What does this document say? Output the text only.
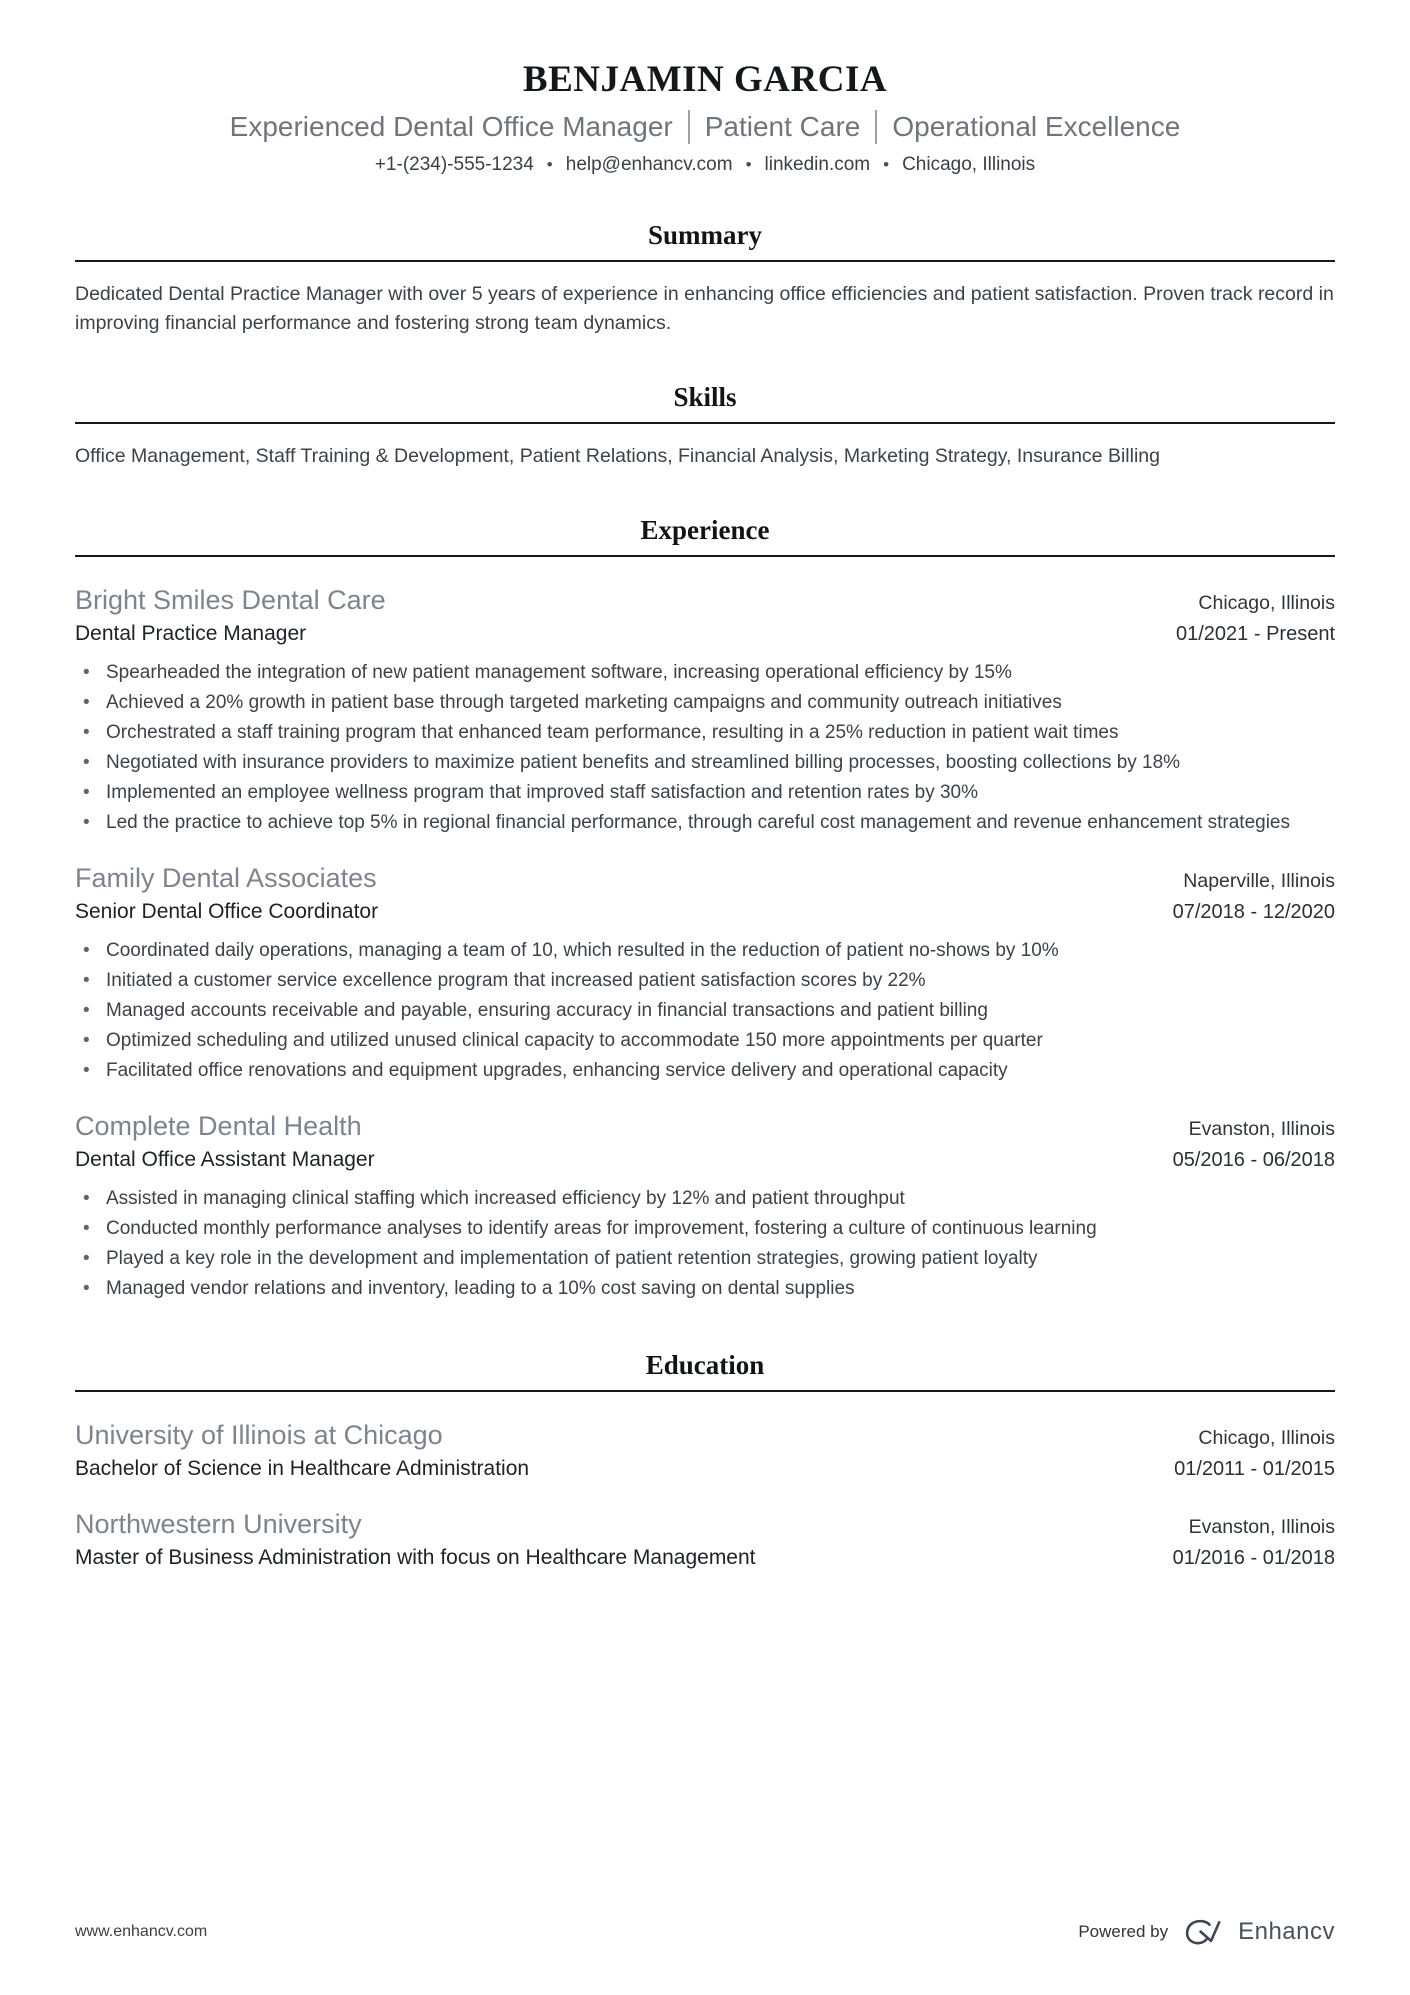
BENJAMIN GARCIA
Experienced Dental Office Manager Patient Care Operational Excellence
+1-(234)-555-1234 • help@enhancv.com • linkedin.com • Chicago, Illinois
Summary

Dedicated Dental Practice Manager with over 5 years of experience in enhancing office efficiencies and patient satisfaction. Proven track record in improving financial performance and fostering strong team dynamics.

Skills

Office Management, Staff Training & Development, Patient Relations, Financial Analysis, Marketing Strategy, Insurance Billing

Experience
Bright Smiles Dental Care	Chicago, Illinois
Dental Practice Manager	01/2021 - Present
• Spearheaded the integration of new patient management software, increasing operational efficiency by 15%
• Achieved a 20% growth in patient base through targeted marketing campaigns and community outreach initiatives
• Orchestrated a staff training program that enhanced team performance, resulting in a 25% reduction in patient wait times
• Negotiated with insurance providers to maximize patient benefits and streamlined billing processes, boosting collections by 18%
• Implemented an employee wellness program that improved staff satisfaction and retention rates by 30%
• Led the practice to achieve top 5% in regional financial performance, through careful cost management and revenue enhancement strategies
Family Dental Associates	Naperville, Illinois
Senior Dental Office Coordinator	07/2018 - 12/2020
• Coordinated daily operations, managing a team of 10, which resulted in the reduction of patient no-shows by 10%
• Initiated a customer service excellence program that increased patient satisfaction scores by 22%
• Managed accounts receivable and payable, ensuring accuracy in financial transactions and patient billing
• Optimized scheduling and utilized unused clinical capacity to accommodate 150 more appointments per quarter
• Facilitated office renovations and equipment upgrades, enhancing service delivery and operational capacity
Complete Dental Health	Evanston, Illinois
Dental Office Assistant Manager	05/2016 - 06/2018
• Assisted in managing clinical staffing which increased efficiency by 12% and patient throughput
• Conducted monthly performance analyses to identify areas for improvement, fostering a culture of continuous learning
• Played a key role in the development and implementation of patient retention strategies, growing patient loyalty
• Managed vendor relations and inventory, leading to a 10% cost saving on dental supplies
Education
University of Illinois at Chicago	Chicago, Illinois
Bachelor of Science in Healthcare Administration	01/2011 - 01/2015
Northwestern University	Evanston, Illinois
Master of Business Administration with focus on Healthcare Management	01/2016 - 01/2018
www.enhancv.com	Powered by	Enhancv
